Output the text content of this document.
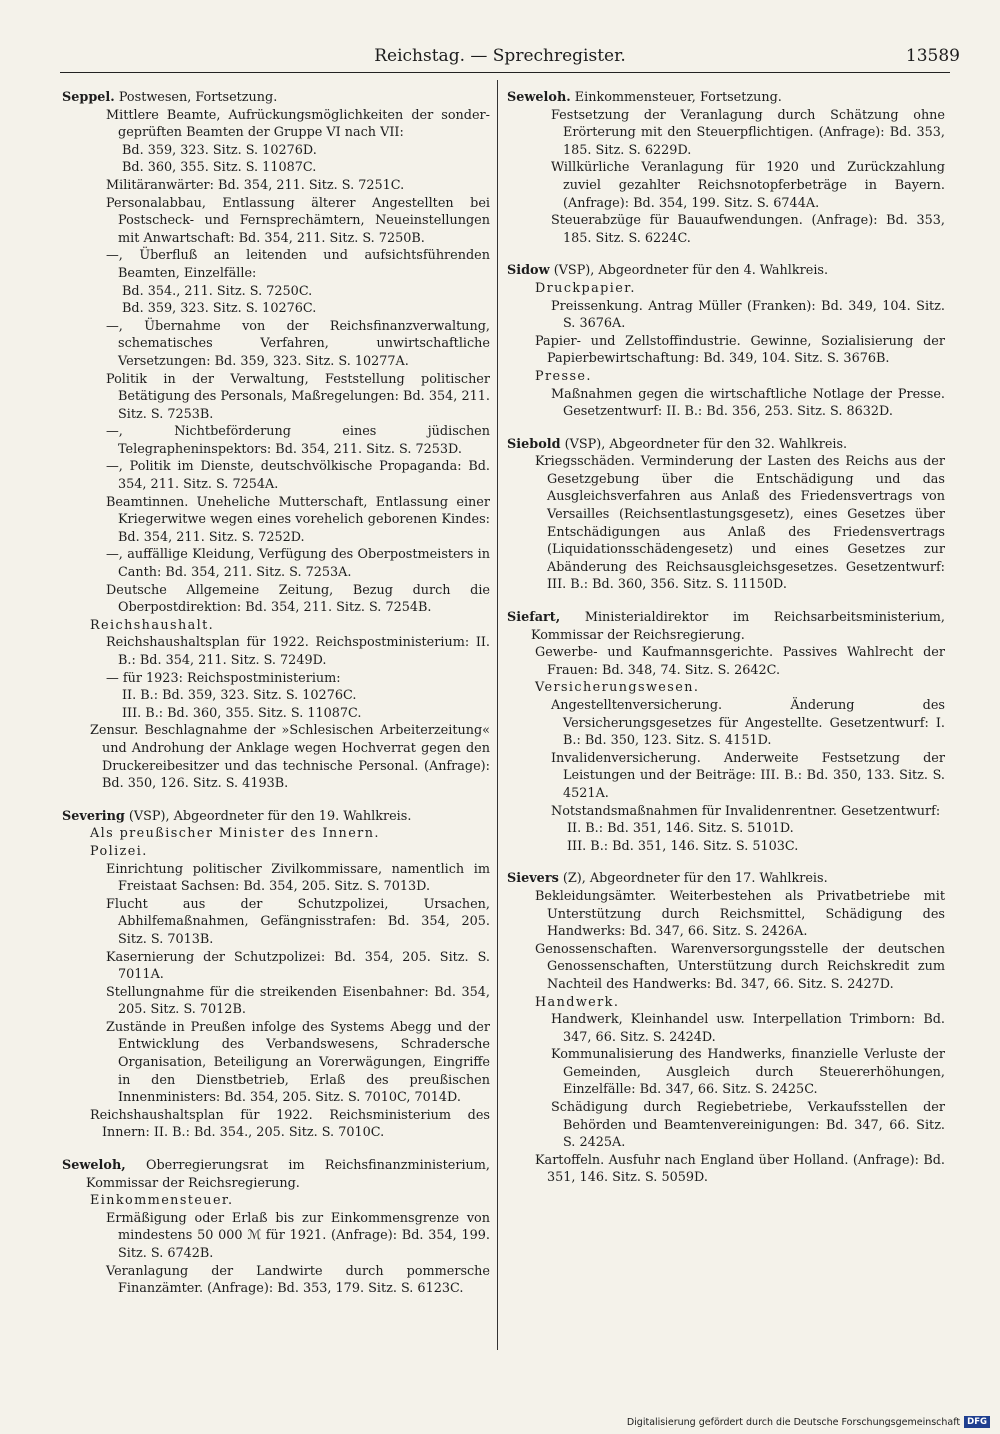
Reichstag. — Sprechregister.	13589
Seppel. Postwesen, Fortsetzung.
Mittlere Beamte, Aufrückungsmöglichkeiten der sonder-geprüften Beamten der Gruppe VI nach VII:
Bd. 359, 323. Sitz. S. 10276D.
Bd. 360, 355. Sitz. S. 11087C.
Militäranwärter: Bd. 354, 211. Sitz. S. 7251C.
Personalabbau, Entlassung älterer Angestellten bei Postscheck- und Fernsprechämtern, Neueinstellungen mit Anwartschaft: Bd. 354, 211. Sitz. S. 7250B.
—, Überfluß an leitenden und aufsichtsführenden Beamten, Einzelfälle:
Bd. 354., 211. Sitz. S. 7250C.
Bd. 359, 323. Sitz. S. 10276C.
—, Übernahme von der Reichsfinanzverwaltung, schematisches Verfahren, unwirtschaftliche Versetzungen: Bd. 359, 323. Sitz. S. 10277A.
Politik in der Verwaltung, Feststellung politischer Betätigung des Personals, Maßregelungen: Bd. 354, 211. Sitz. S. 7253B.
—, Nichtbeförderung eines jüdischen Telegrapheninspektors: Bd. 354, 211. Sitz. S. 7253D.
—, Politik im Dienste, deutschvölkische Propaganda: Bd. 354, 211. Sitz. S. 7254A.
Beamtinnen. Uneheliche Mutterschaft, Entlassung einer Kriegerwitwe wegen eines vorehelich geborenen Kindes: Bd. 354, 211. Sitz. S. 7252D.
—, auffällige Kleidung, Verfügung des Oberpostmeisters in Canth: Bd. 354, 211. Sitz. S. 7253A.
Deutsche Allgemeine Zeitung, Bezug durch die Oberpostdirektion: Bd. 354, 211. Sitz. S. 7254B.
Reichshaushalt.
Reichshaushaltsplan für 1922. Reichspostministerium: II. B.: Bd. 354, 211. Sitz. S. 7249D.
— für 1923: Reichspostministerium:
II. B.: Bd. 359, 323. Sitz. S. 10276C.
III. B.: Bd. 360, 355. Sitz. S. 11087C.
Zensur. Beschlagnahme der »Schlesischen Arbeiterzeitung« und Androhung der Anklage wegen Hochverrat gegen den Druckereibesitzer und das technische Personal. (Anfrage): Bd. 350, 126. Sitz. S. 4193B.
Severing (VSP), Abgeordneter für den 19. Wahlkreis.
Als preußischer Minister des Innern.
Polizei.
Einrichtung politischer Zivilkommissare, namentlich im Freistaat Sachsen: Bd. 354, 205. Sitz. S. 7013D.
Flucht aus der Schutzpolizei, Ursachen, Abhilfemaßnahmen, Gefängnisstrafen: Bd. 354, 205. Sitz. S. 7013B.
Kasernierung der Schutzpolizei: Bd. 354, 205. Sitz. S. 7011A.
Stellungnahme für die streikenden Eisenbahner: Bd. 354, 205. Sitz. S. 7012B.
Zustände in Preußen infolge des Systems Abegg und der Entwicklung des Verbandswesens, Schradersche Organisation, Beteiligung an Vorerwägungen, Eingriffe in den Dienstbetrieb, Erlaß des preußischen Innenministers: Bd. 354, 205. Sitz. S. 7010C, 7014D.
Reichshaushaltsplan für 1922. Reichsministerium des Innern: II. B.: Bd. 354., 205. Sitz. S. 7010C.
Seweloh, Oberregierungsrat im Reichsfinanzministerium, Kommissar der Reichsregierung.
Einkommensteuer.
Ermäßigung oder Erlaß bis zur Einkommensgrenze von mindestens 50 000 ℳ für 1921. (Anfrage): Bd. 354, 199. Sitz. S. 6742B.
Veranlagung der Landwirte durch pommersche Finanzämter. (Anfrage): Bd. 353, 179. Sitz. S. 6123C.
Seweloh. Einkommensteuer, Fortsetzung.
Festsetzung der Veranlagung durch Schätzung ohne Erörterung mit den Steuerpflichtigen. (Anfrage): Bd. 353, 185. Sitz. S. 6229D.
Willkürliche Veranlagung für 1920 und Zurückzahlung zuviel gezahlter Reichsnotopferbeträge in Bayern. (Anfrage): Bd. 354, 199. Sitz. S. 6744A.
Steuerabzüge für Bauaufwendungen. (Anfrage): Bd. 353, 185. Sitz. S. 6224C.
Sidow (VSP), Abgeordneter für den 4. Wahlkreis.
Druckpapier.
Preissenkung. Antrag Müller (Franken): Bd. 349, 104. Sitz. S. 3676A.
Papier- und Zellstoffindustrie. Gewinne, Sozialisierung der Papierbewirtschaftung: Bd. 349, 104. Sitz. S. 3676B.
Presse.
Maßnahmen gegen die wirtschaftliche Notlage der Presse. Gesetzentwurf: II. B.: Bd. 356, 253. Sitz. S. 8632D.
Siebold (VSP), Abgeordneter für den 32. Wahlkreis.
Kriegsschäden. Verminderung der Lasten des Reichs aus der Gesetzgebung über die Entschädigung und das Ausgleichsverfahren aus Anlaß des Friedensvertrags von Versailles (Reichsentlastungsgesetz), eines Gesetzes über Entschädigungen aus Anlaß des Friedensvertrags (Liquidationsschädengesetz) und eines Gesetzes zur Abänderung des Reichsausgleichsgesetzes. Gesetzentwurf: III. B.: Bd. 360, 356. Sitz. S. 11150D.
Siefart, Ministerialdirektor im Reichsarbeitsministerium, Kommissar der Reichsregierung.
Gewerbe- und Kaufmannsgerichte. Passives Wahlrecht der Frauen: Bd. 348, 74. Sitz. S. 2642C.
Versicherungswesen.
Angestelltenversicherung. Änderung des Versicherungsgesetzes für Angestellte. Gesetzentwurf: I. B.: Bd. 350, 123. Sitz. S. 4151D.
Invalidenversicherung. Anderweite Festsetzung der Leistungen und der Beiträge: III. B.: Bd. 350, 133. Sitz. S. 4521A.
Notstandsmaßnahmen für Invalidenrentner. Gesetzentwurf:
II. B.: Bd. 351, 146. Sitz. S. 5101D.
III. B.: Bd. 351, 146. Sitz. S. 5103C.
Sievers (Z), Abgeordneter für den 17. Wahlkreis.
Bekleidungsämter. Weiterbestehen als Privatbetriebe mit Unterstützung durch Reichsmittel, Schädigung des Handwerks: Bd. 347, 66. Sitz. S. 2426A.
Genossenschaften. Warenversorgungsstelle der deutschen Genossenschaften, Unterstützung durch Reichskredit zum Nachteil des Handwerks: Bd. 347, 66. Sitz. S. 2427D.
Handwerk.
Handwerk, Kleinhandel usw. Interpellation Trimborn: Bd. 347, 66. Sitz. S. 2424D.
Kommunalisierung des Handwerks, finanzielle Verluste der Gemeinden, Ausgleich durch Steuererhöhungen, Einzelfälle: Bd. 347, 66. Sitz. S. 2425C.
Schädigung durch Regiebetriebe, Verkaufsstellen der Behörden und Beamtenvereinigungen: Bd. 347, 66. Sitz. S. 2425A.
Kartoffeln. Ausfuhr nach England über Holland. (Anfrage): Bd. 351, 146. Sitz. S. 5059D.
Digitalisierung gefördert durch die Deutsche Forschungsgemeinschaft DFG
